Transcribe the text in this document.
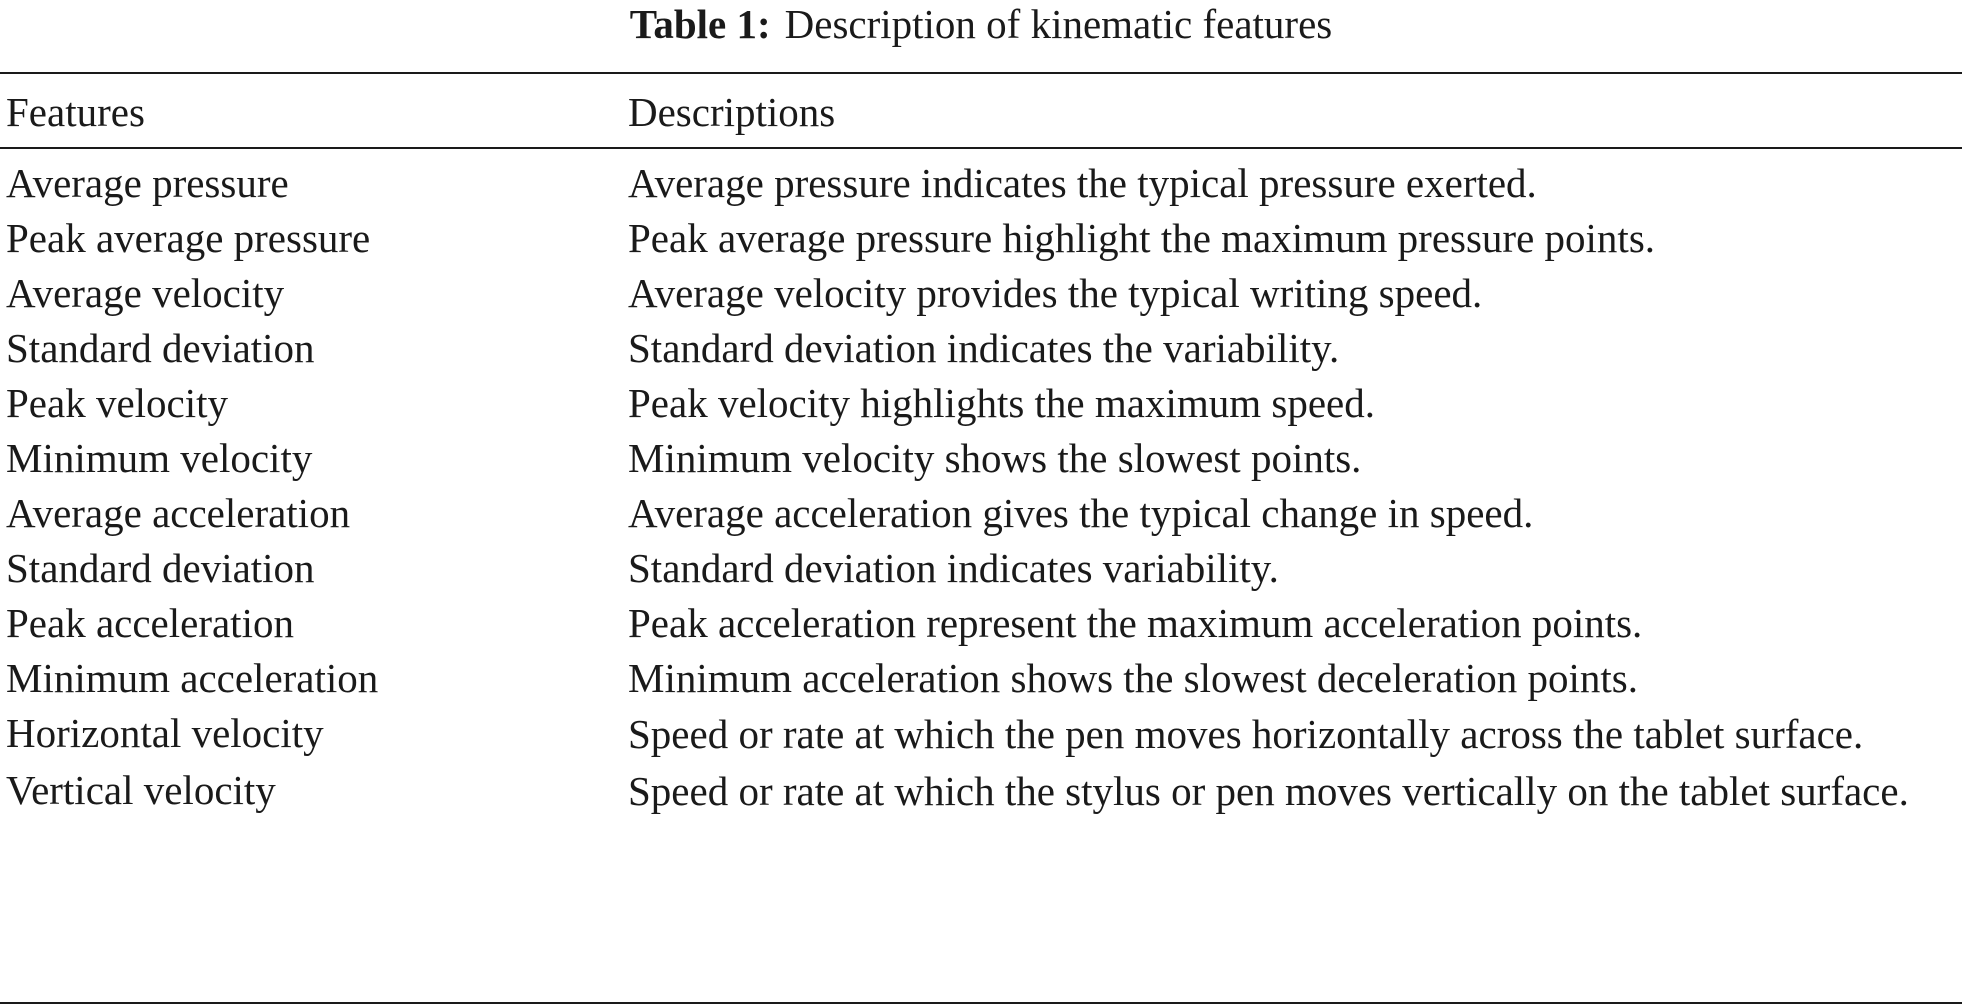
Table 1: Description of kinematic features
Features	Descriptions
Average pressure	Average pressure indicates the typical pressure exerted.
Peak average pressure	Peak average pressure highlight the maximum pressure points.
Average velocity	Average velocity provides the typical writing speed.
Standard deviation	Standard deviation indicates the variability.
Peak velocity	Peak velocity highlights the maximum speed.
Minimum velocity	Minimum velocity shows the slowest points.
Average acceleration	Average acceleration gives the typical change in speed.
Standard deviation	Standard deviation indicates variability.
Peak acceleration	Peak acceleration represent the maximum acceleration points.
Minimum acceleration	Minimum acceleration shows the slowest deceleration points.
Horizontal velocity	Speed or rate at which the pen moves horizontally across the tablet surface.

Vertical velocity	Speed or rate at which the stylus or pen moves vertically on the tablet surface.
